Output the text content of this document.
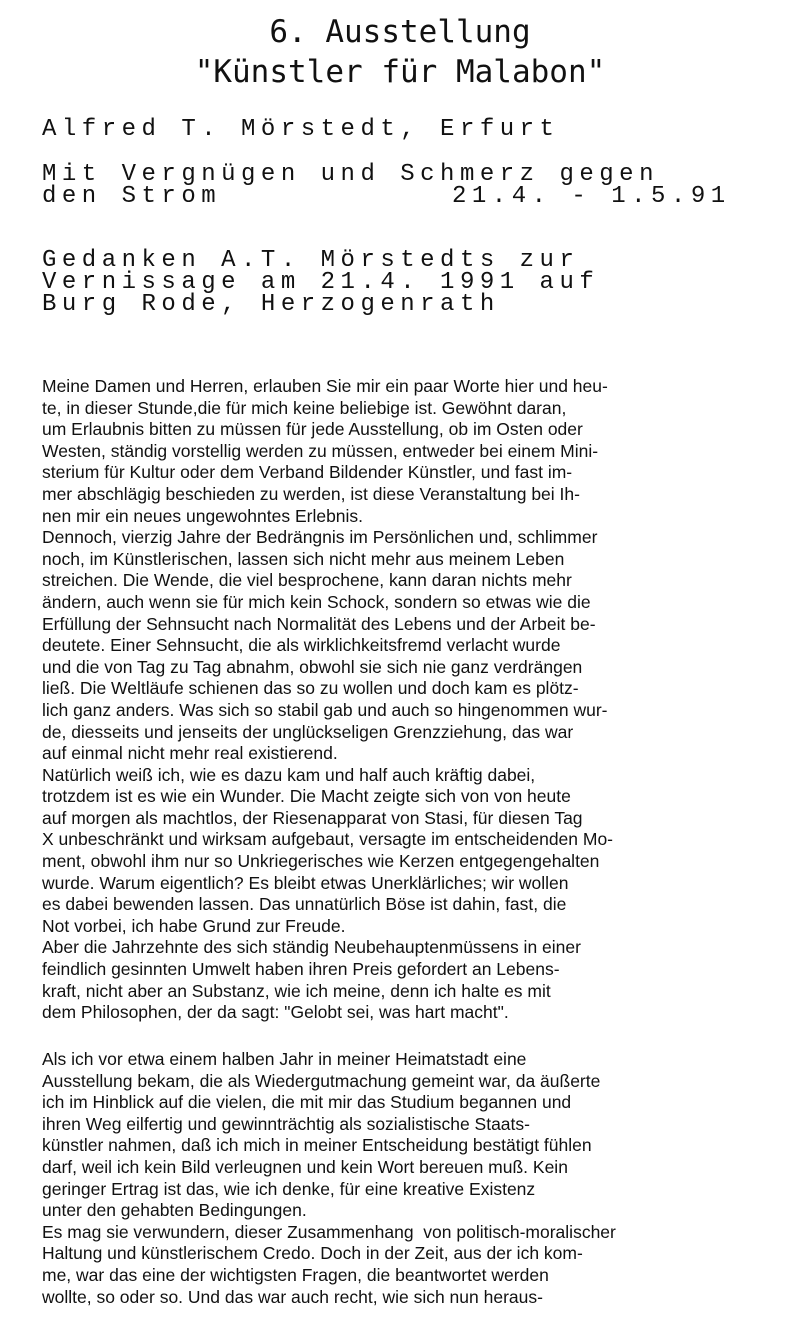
6. Ausstellung
"Künstler für Malabon"
Alfred T. Mörstedt, Erfurt
Mit Vergnügen und Schmerz gegen
den Strom	21.4. - 1.5.91
Gedanken A.T. Mörstedts zur
Vernissage am 21.4. 1991 auf
Burg Rode, Herzogenrath
Meine Damen und Herren, erlauben Sie mir ein paar Worte hier und heu-
te, in dieser Stunde,die für mich keine beliebige ist. Gewöhnt daran,
um Erlaubnis bitten zu müssen für jede Ausstellung, ob im Osten oder
Westen, ständig vorstellig werden zu müssen, entweder bei einem Mini-
sterium für Kultur oder dem Verband Bildender Künstler, und fast im-
mer abschlägig beschieden zu werden, ist diese Veranstaltung bei Ih-
nen mir ein neues ungewohntes Erlebnis.
Dennoch, vierzig Jahre der Bedrängnis im Persönlichen und, schlimmer
noch, im Künstlerischen, lassen sich nicht mehr aus meinem Leben
streichen. Die Wende, die viel besprochene, kann daran nichts mehr
ändern, auch wenn sie für mich kein Schock, sondern so etwas wie die
Erfüllung der Sehnsucht nach Normalität des Lebens und der Arbeit be-
deutete. Einer Sehnsucht, die als wirklichkeitsfremd verlacht wurde
und die von Tag zu Tag abnahm, obwohl sie sich nie ganz verdrängen
ließ. Die Weltläufe schienen das so zu wollen und doch kam es plötz-
lich ganz anders. Was sich so stabil gab und auch so hingenommen wur-
de, diesseits und jenseits der unglückseligen Grenzziehung, das war
auf einmal nicht mehr real existierend.
Natürlich weiß ich, wie es dazu kam und half auch kräftig dabei,
trotzdem ist es wie ein Wunder. Die Macht zeigte sich von von heute
auf morgen als machtlos, der Riesenapparat von Stasi, für diesen Tag
X unbeschränkt und wirksam aufgebaut, versagte im entscheidenden Mo-
ment, obwohl ihm nur so Unkriegerisches wie Kerzen entgegengehalten
wurde. Warum eigentlich? Es bleibt etwas Unerklärliches; wir wollen
es dabei bewenden lassen. Das unnatürlich Böse ist dahin, fast, die
Not vorbei, ich habe Grund zur Freude.
Aber die Jahrzehnte des sich ständig Neubehauptenmüssens in einer
feindlich gesinnten Umwelt haben ihren Preis gefordert an Lebens-
kraft, nicht aber an Substanz, wie ich meine, denn ich halte es mit
dem Philosophen, der da sagt: "Gelobt sei, was hart macht".
Als ich vor etwa einem halben Jahr in meiner Heimatstadt eine
Ausstellung bekam, die als Wiedergutmachung gemeint war, da äußerte
ich im Hinblick auf die vielen, die mit mir das Studium begannen und
ihren Weg eilfertig und gewinnträchtig als sozialistische Staats-
künstler nahmen, daß ich mich in meiner Entscheidung bestätigt fühlen
darf, weil ich kein Bild verleugnen und kein Wort bereuen muß. Kein
geringer Ertrag ist das, wie ich denke, für eine kreative Existenz
unter den gehabten Bedingungen.
Es mag sie verwundern, dieser Zusammenhang  von politisch-moralischer
Haltung und künstlerischem Credo. Doch in der Zeit, aus der ich kom-
me, war das eine der wichtigsten Fragen, die beantwortet werden
wollte, so oder so. Und das war auch recht, wie sich nun heraus-
